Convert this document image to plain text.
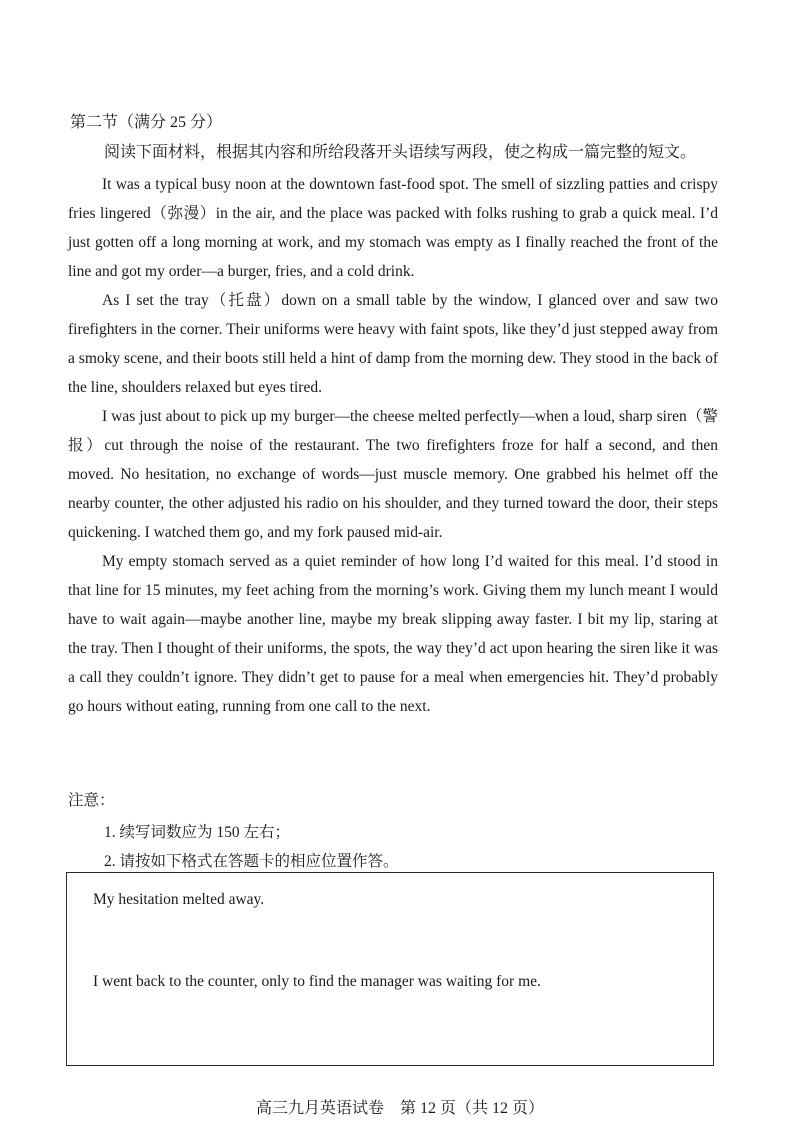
第二节（满分 25 分）

阅读下面材料，根据其内容和所给段落开头语续写两段，使之构成一篇完整的短文。

It was a typical busy noon at the downtown fast-food spot. The smell of sizzling patties and crispy fries lingered（弥漫）in the air, and the place was packed with folks rushing to grab a quick meal. I’d just gotten off a long morning at work, and my stomach was empty as I finally reached the front of the line and got my order—a burger, fries, and a cold drink.

As I set the tray（托盘）down on a small table by the window, I glanced over and saw two firefighters in the corner. Their uniforms were heavy with faint spots, like they’d just stepped away from a smoky scene, and their boots still held a hint of damp from the morning dew. They stood in the back of the line, shoulders relaxed but eyes tired.

I was just about to pick up my burger—the cheese melted perfectly—when a loud, sharp siren（警报）cut through the noise of the restaurant. The two firefighters froze for half a second, and then moved. No hesitation, no exchange of words—just muscle memory. One grabbed his helmet off the nearby counter, the other adjusted his radio on his shoulder, and they turned toward the door, their steps quickening. I watched them go, and my fork paused mid-air.

My empty stomach served as a quiet reminder of how long I’d waited for this meal. I’d stood in that line for 15 minutes, my feet aching from the morning’s work. Giving them my lunch meant I would have to wait again—maybe another line, maybe my break slipping away faster. I bit my lip, staring at the tray. Then I thought of their uniforms, the spots, the way they’d act upon hearing the siren like it was a call they couldn’t ignore. They didn’t get to pause for a meal when emergencies hit. They’d probably go hours without eating, running from one call to the next.

注意：

1. 续写词数应为 150 左右；
2. 请按如下格式在答题卡的相应位置作答。

My hesitation melted away.

I went back to the counter, only to find the manager was waiting for me.

高三九月英语试卷　第 12 页（共 12 页）
